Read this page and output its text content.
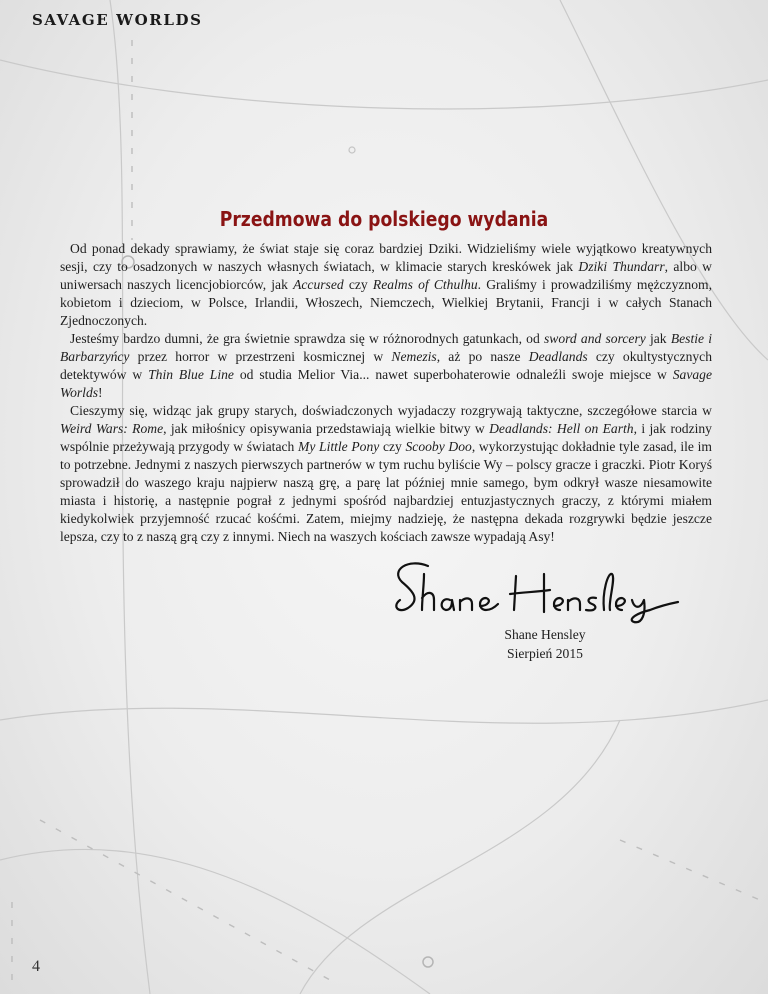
SAVAGE WORLDS
Przedmowa do polskiego wydania

Od ponad dekady sprawiamy, że świat staje się coraz bardziej Dziki. Widzieliśmy wiele wyjątkowo kreatywnych sesji, czy to osadzonych w naszych własnych światach, w klimacie starych kreskówek jak Dziki Thundarr, albo w uniwersach naszych licencjobiorców, jak Accursed czy Realms of Cthulhu. Graliśmy i prowadziliśmy mężczyznom, kobietom i dzieciom, w Polsce, Irlandii, Włoszech, Niemczech, Wielkiej Brytanii, Francji i w całych Stanach Zjednoczonych.

Jesteśmy bardzo dumni, że gra świetnie sprawdza się w różnorodnych gatunkach, od sword and sorcery jak Bestie i Barbarzyńcy przez horror w przestrzeni kosmicznej w Nemezis, aż po nasze Deadlands czy okultystycznych detektywów w Thin Blue Line od studia Melior Via... nawet superbohaterowie odnaleźli swoje miejsce w Savage Worlds!

Cieszymy się, widząc jak grupy starych, doświadczonych wyjadaczy rozgrywają taktyczne, szczegółowe starcia w Weird Wars: Rome, jak miłośnicy opisywania przedstawiają wielkie bitwy w Deadlands: Hell on Earth, i jak rodziny wspólnie przeżywają przygody w światach My Little Pony czy Scooby Doo, wykorzystując dokładnie tyle zasad, ile im to potrzebne. Jednymi z naszych pierwszych partnerów w tym ruchu byliście Wy – polscy gracze i graczki. Piotr Koryś sprowadził do waszego kraju najpierw naszą grę, a parę lat później mnie samego, bym odkrył wasze niesamowite miasta i historię, a następnie pograł z jednymi spośród najbardziej entuzjastycznych graczy, z którymi miałem kiedykolwiek przyjemność rzucać kośćmi. Zatem, miejmy nadzieję, że następna dekada rozgrywki będzie jeszcze lepsza, czy to z naszą grą czy z innymi. Niech na waszych kościach zawsze wypadają Asy!

Shane Hensley
Sierpień 2015
4
